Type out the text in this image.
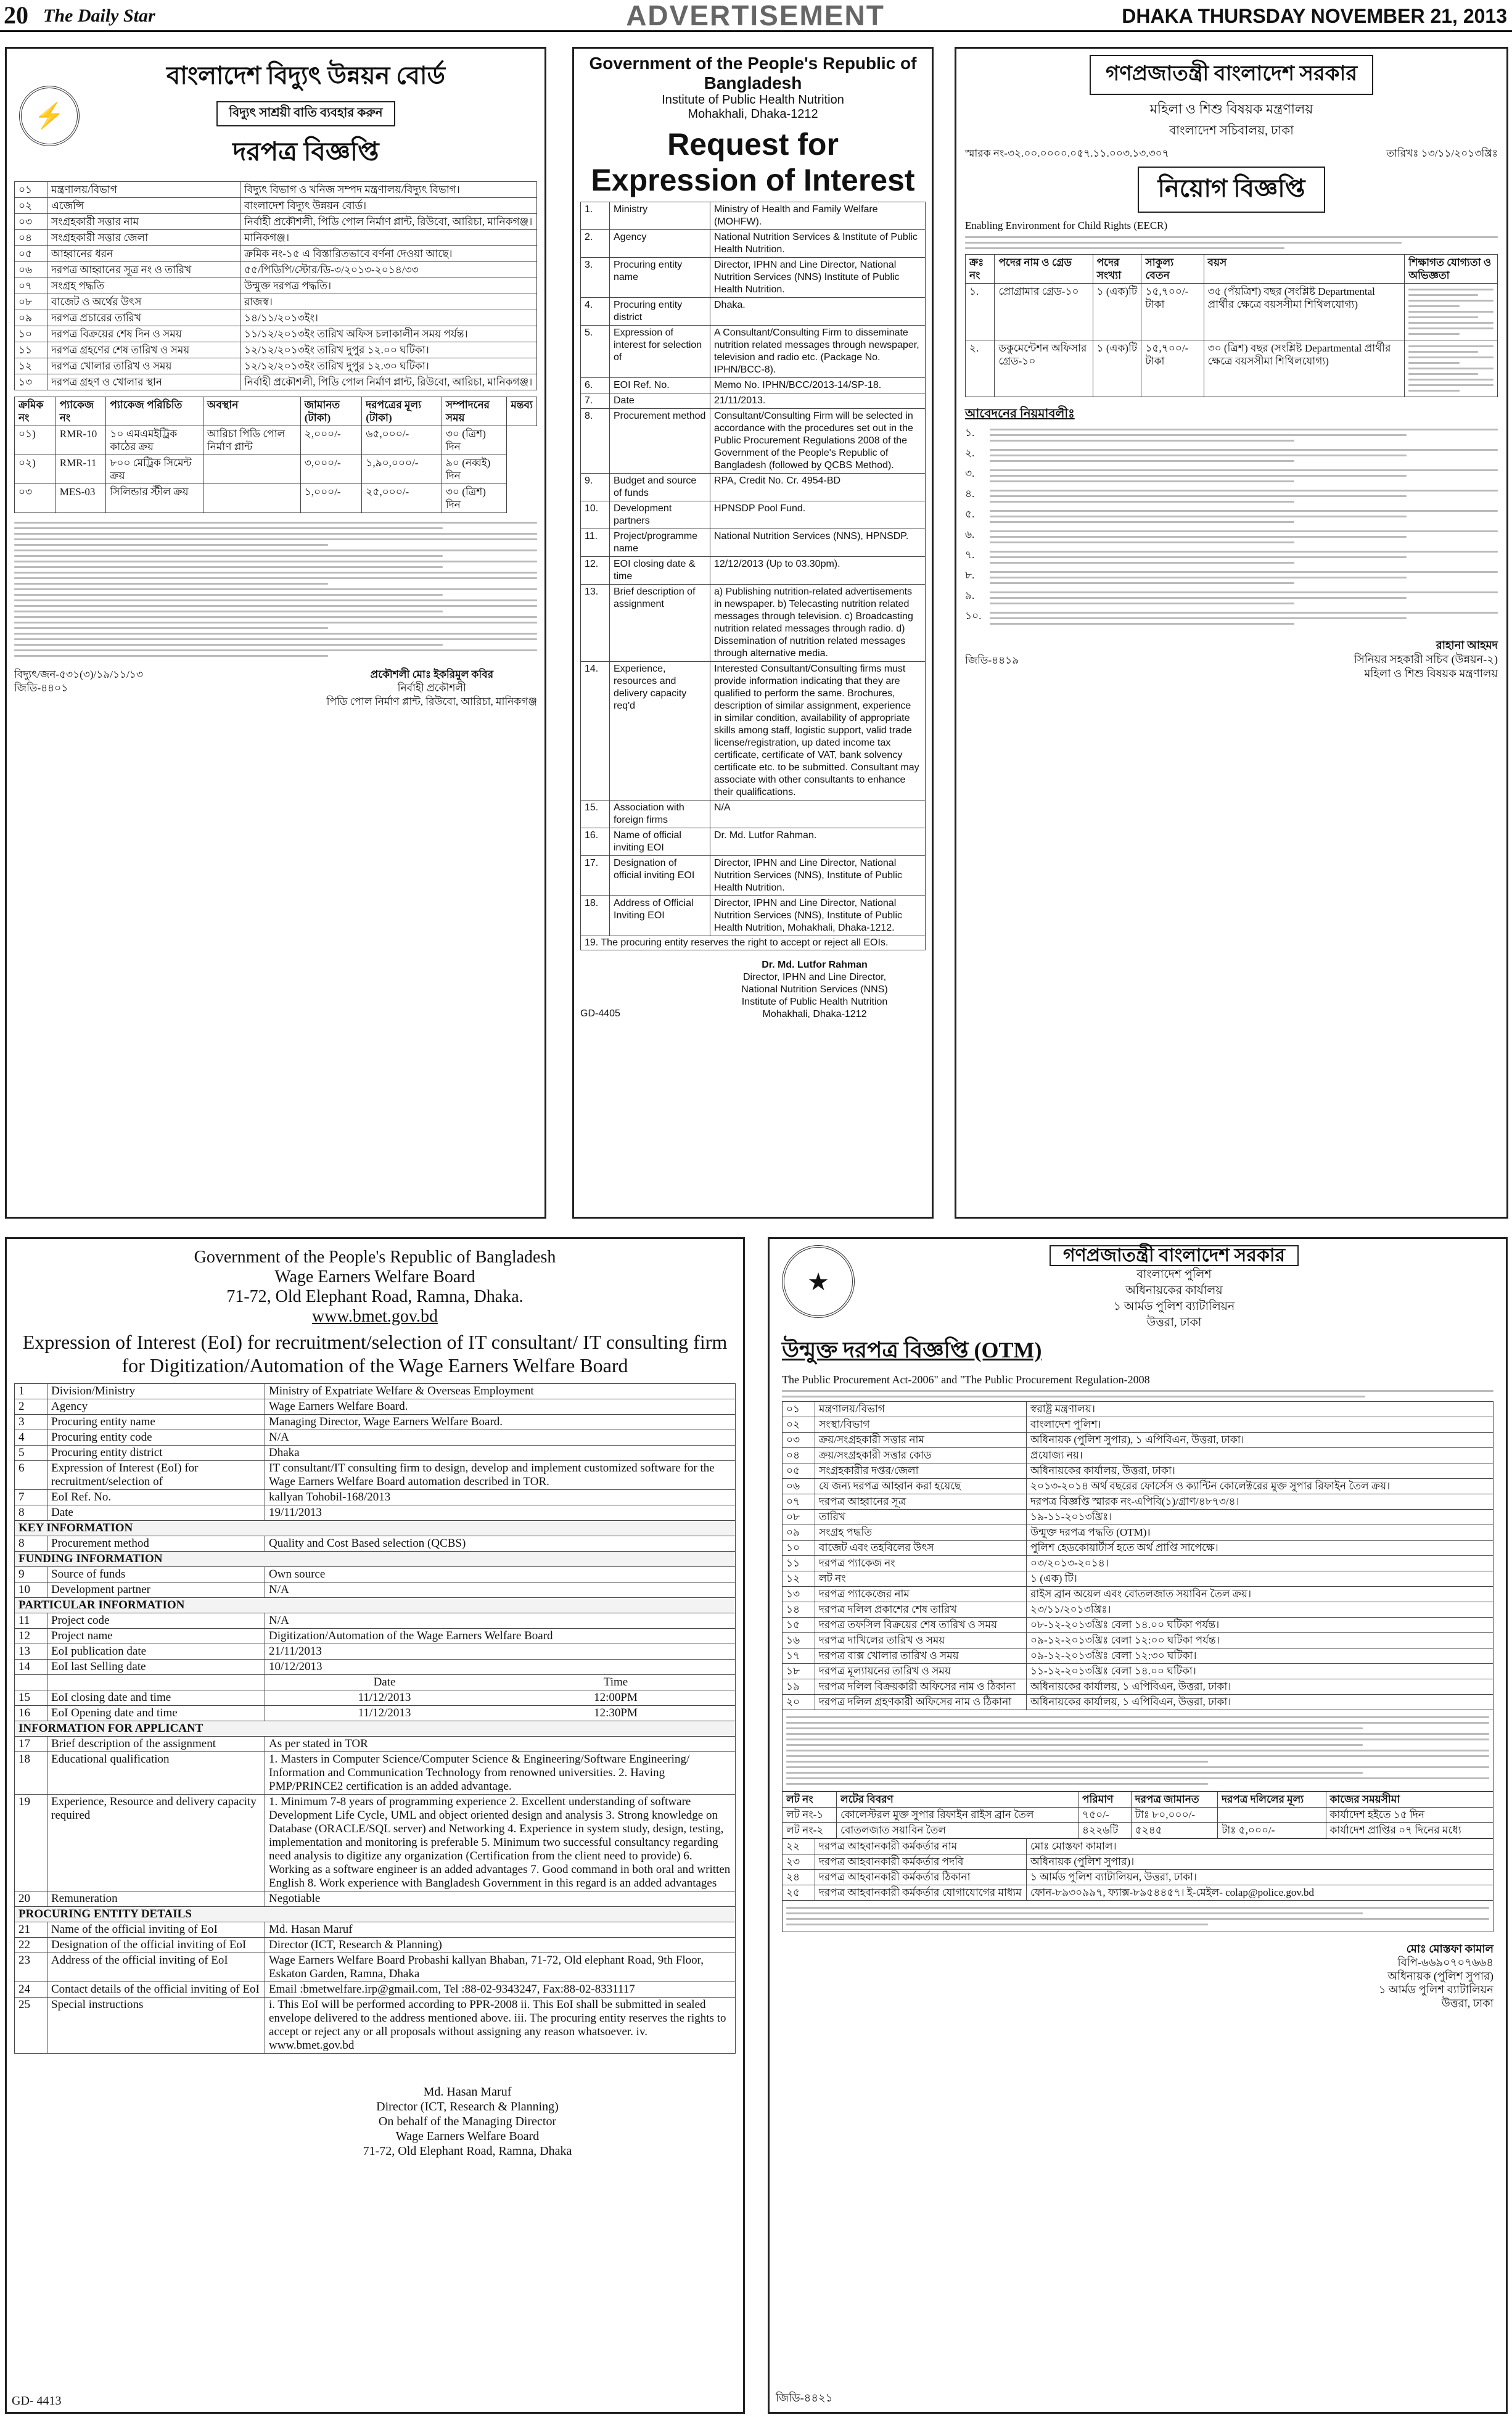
20 The Daily Star	ADVERTISEMENT	DHAKA THURSDAY NOVEMBER 21, 2013
⚡
বাংলাদেশ বিদ্যুৎ উন্নয়ন বোর্ড
বিদ্যুৎ সাশ্রয়ী বাতি ব্যবহার করুন
দরপত্র বিজ্ঞপ্তি
০১	মন্ত্রণালয়/বিভাগ	বিদ্যুৎ বিভাগ ও খনিজ সম্পদ মন্ত্রণালয়/বিদ্যুৎ বিভাগ।
০২	এজেন্সি	বাংলাদেশ বিদ্যুৎ উন্নয়ন বোর্ড।
০৩	সংগ্রহকারী সত্তার নাম	নির্বাহী প্রকৌশলী, পিডি পোল নির্মাণ প্লান্ট, রিউবো, আরিচা, মানিকগঞ্জ।
০৪	সংগ্রহকারী সত্তার জেলা	মানিকগঞ্জ।
০৫	আহ্বানের ধরন	ক্রমিক নং-১৫ এ বিস্তারিতভাবে বর্ণনা দেওয়া আছে।
০৬	দরপত্র আহ্বানের সূত্র নং ও তারিখ	৫৫/পিডিপি/স্টোর/ডি-৩/২০১৩-২০১৪/৩৩
০৭	সংগ্রহ পদ্ধতি	উন্মুক্ত দরপত্র পদ্ধতি।
০৮	বাজেট ও অর্থের উৎস	রাজস্ব।
০৯	দরপত্র প্রচারের তারিখ	১৪/১১/২০১৩ইং।
১০	দরপত্র বিক্রয়ের শেষ দিন ও সময়	১১/১২/২০১৩ইং তারিখ অফিস চলাকালীন সময় পর্যন্ত।
১১	দরপত্র গ্রহণের শেষ তারিখ ও সময়	১২/১২/২০১৩ইং তারিখ দুপুর ১২.০০ ঘটিকা।
১২	দরপত্র খোলার তারিখ ও সময়	১২/১২/২০১৩ইং তারিখ দুপুর ১২.৩০ ঘটিকা।
১৩	দরপত্র গ্রহণ ও খোলার স্থান	নির্বাহী প্রকৌশলী, পিডি পোল নির্মাণ প্লান্ট, রিউবো, আরিচা, মানিকগঞ্জ।
ক্রমিক নং	প্যাকেজ নং	প্যাকেজ পরিচিতি	অবস্থান	জামানত (টাকা)	দরপত্রের মূল্য (টাকা)	সম্পাদনের সময়	মন্তব্য
০১)	RMR-10	১০ এমএমইট্রিক কাঠের ক্রয়	আরিচা পিডি পোল নির্মাণ প্লান্ট	২,০০০/-	৬৫,০০০/-	৩০ (ত্রিশ) দিন	
০২)	RMR-11	৮০০ মেট্রিক সিমেন্ট ক্রয়		৩,০০০/-	১,৯০,০০০/-	৯০ (নব্বই) দিন	
০৩	MES-03	সিলিন্ডার স্টীল ক্রয়		১,০০০/-	২৫,০০০/-	৩০ (ত্রিশ) দিন	
বিদ্যুৎ/জন-৫৩১(৩)/১৯/১১/১৩
জিডি-৪৪০১
প্রকৌশলী মোঃ ইকরিমুল কবির
নির্বাহী প্রকৌশলী
পিডি পোল নির্মাণ প্লান্ট, রিউবো, আরিচা, মানিকগঞ্জ
Government of the People's Republic of Bangladesh
Institute of Public Health Nutrition
Mohakhali, Dhaka-1212
Request for Expression of Interest
1.	Ministry	Ministry of Health and Family Welfare (MOHFW).
2.	Agency	National Nutrition Services & Institute of Public Health Nutrition.
3.	Procuring entity name	Director, IPHN and Line Director, National Nutrition Services (NNS) Institute of Public Health Nutrition.
4.	Procuring entity district	Dhaka.
5.	Expression of interest for selection of	A Consultant/Consulting Firm to disseminate nutrition related messages through newspaper, television and radio etc. (Package No. IPHN/BCC-8).
6.	EOI Ref. No.	Memo No. IPHN/BCC/2013-14/SP-18.
7.	Date	21/11/2013.
8.	Procurement method	Consultant/Consulting Firm will be selected in accordance with the procedures set out in the Public Procurement Regulations 2008 of the Government of the People's Republic of Bangladesh (followed by QCBS Method).
9.	Budget and source of funds	RPA, Credit No. Cr. 4954-BD
10.	Development partners	HPNSDP Pool Fund.
11.	Project/programme name	National Nutrition Services (NNS), HPNSDP.
12.	EOI closing date & time	12/12/2013 (Up to 03.30pm).
13.	Brief description of assignment	a) Publishing nutrition-related advertisements in newspaper. b) Telecasting nutrition related messages through television. c) Broadcasting nutrition related messages through radio. d) Dissemination of nutrition related messages through alternative media.
14.	Experience, resources and delivery capacity req'd	Interested Consultant/Consulting firms must provide information indicating that they are qualified to perform the same. Brochures, description of similar assignment, experience in similar condition, availability of appropriate skills among staff, logistic support, valid trade license/registration, up dated income tax certificate, certificate of VAT, bank solvency certificate etc. to be submitted. Consultant may associate with other consultants to enhance their qualifications.
15.	Association with foreign firms	N/A
16.	Name of official inviting EOI	Dr. Md. Lutfor Rahman.
17.	Designation of official inviting EOI	Director, IPHN and Line Director, National Nutrition Services (NNS), Institute of Public Health Nutrition.
18.	Address of Official Inviting EOI	Director, IPHN and Line Director, National Nutrition Services (NNS), Institute of Public Health Nutrition, Mohakhali, Dhaka-1212.
19. The procuring entity reserves the right to accept or reject all EOIs.
Dr. Md. Lutfor Rahman
Director, IPHN and Line Director,
National Nutrition Services (NNS)
Institute of Public Health Nutrition
Mohakhali, Dhaka-1212
GD-4405
গণপ্রজাতন্ত্রী বাংলাদেশ সরকার
মহিলা ও শিশু বিষয়ক মন্ত্রণালয়
বাংলাদেশ সচিবালয়, ঢাকা
স্মারক নং-৩২.০০.০০০০.০৫৭.১১.০০৩.১৩.৩০৭	তারিখঃ ১৩/১১/২০১৩খ্রিঃ
নিয়োগ বিজ্ঞপ্তি
Enabling Environment for Child Rights (EECR)
ক্রঃ নং	পদের নাম ও গ্রেড	পদের সংখ্যা	সাকুল্য বেতন	বয়স	শিক্ষাগত যোগ্যতা ও অভিজ্ঞতা
১.	প্রোগ্রামার গ্রেড-১০	১ (এক)টি	১৫,৭০০/- টাকা	৩৫ (পঁয়ত্রিশ) বছর (সংশ্লিষ্ট Departmental প্রার্থীর ক্ষেত্রে বয়সসীমা শিথিলযোগ্য)	

২.	ডকুমেন্টেশন অফিসার গ্রেড-১০	১ (এক)টি	১৫,৭০০/- টাকা	৩০ (ত্রিশ) বছর (সংশ্লিষ্ট Departmental প্রার্থীর ক্ষেত্রে বয়সসীমা শিথিলযোগ্য)	
আবেদনের নিয়মাবলীঃ
১.
২.
৩.
৪.
৫.
৬.
৭.
৮.
৯.
১০.
রাহানা আহমদ
সিনিয়র সহকারী সচিব (উন্নয়ন-২)
মহিলা ও শিশু বিষয়ক মন্ত্রণালয়
জিডি-৪৪১৯
Government of the People's Republic of Bangladesh
Wage Earners Welfare Board
71-72, Old Elephant Road, Ramna, Dhaka.
www.bmet.gov.bd
Expression of Interest (EoI) for recruitment/selection of IT consultant/ IT consulting firm for Digitization/Automation of the Wage Earners Welfare Board
1	Division/Ministry	Ministry of Expatriate Welfare & Overseas Employment
2	Agency	Wage Earners Welfare Board.
3	Procuring entity name	Managing Director, Wage Earners Welfare Board.
4	Procuring entity code	N/A
5	Procuring entity district	Dhaka
6	Expression of Interest (EoI) for recruitment/selection of	IT consultant/IT consulting firm to design, develop and implement customized software for the Wage Earners Welfare Board automation described in TOR.
7	EoI Ref. No.	kallyan Tohobil-168/2013
8	Date	19/11/2013
KEY INFORMATION		
8	Procurement method	Quality and Cost Based selection (QCBS)
FUNDING INFORMATION		
9	Source of funds	Own source
10	Development partner	N/A
PARTICULAR INFORMATION		
11	Project code	N/A
12	Project name	Digitization/Automation of the Wage Earners Welfare Board
13	EoI publication date	21/11/2013
14	EoI last Selling date	10/12/2013

		Date Time

15	EoI closing date and time	11/12/2013 12:00PM

16	EoI Opening date and time	11/12/2013 12:30PM

INFORMATION FOR APPLICANT		
17	Brief description of the assignment	As per stated in TOR
18	Educational qualification	1. Masters in Computer Science/Computer Science & Engineering/Software Engineering/ Information and Communication Technology from renowned universities. 2. Having PMP/PRINCE2 certification is an added advantage.
19	Experience, Resource and delivery capacity required	1. Minimum 7-8 years of programming experience 2. Excellent understanding of software Development Life Cycle, UML and object oriented design and analysis 3. Strong knowledge on Database (ORACLE/SQL server) and Networking 4. Experience in system study, design, testing, implementation and monitoring is preferable 5. Minimum two successful consultancy regarding need analysis to digitize any organization (Certification from the client need to provide) 6. Working as a software engineer is an added advantages 7. Good command in both oral and written English 8. Work experience with Bangladesh Government in this regard is an added advantages
20	Remuneration	Negotiable
PROCURING ENTITY DETAILS		
21	Name of the official inviting of EoI	Md. Hasan Maruf
22	Designation of the official inviting of EoI	Director (ICT, Research & Planning)
23	Address of the official inviting of EoI	Wage Earners Welfare Board Probashi kallyan Bhaban, 71-72, Old elephant Road, 9th Floor, Eskaton Garden, Ramna, Dhaka
24	Contact details of the official inviting of EoI	Email :bmetwelfare.irp@gmail.com, Tel :88-02-9343247, Fax:88-02-8331117
25	Special instructions	i. This EoI will be performed according to PPR-2008 ii. This EoI shall be submitted in sealed envelope delivered to the address mentioned above. iii. The procuring entity reserves the rights to accept or reject any or all proposals without assigning any reason whatsoever. iv. www.bmet.gov.bd
Md. Hasan Maruf
Director (ICT, Research & Planning)
On behalf of the Managing Director
Wage Earners Welfare Board
71-72, Old Elephant Road, Ramna, Dhaka
GD- 4413
★
গণপ্রজাতন্ত্রী বাংলাদেশ সরকার
বাংলাদেশ পুলিশ
অধিনায়কের কার্যালয়
১ আর্মড পুলিশ ব্যাটালিয়ন
উত্তরা, ঢাকা
উন্মুক্ত দরপত্র বিজ্ঞপ্তি (OTM)
The Public Procurement Act-2006" and "The Public Procurement Regulation-2008
০১	মন্ত্রণালয়/বিভাগ	স্বরাষ্ট্র মন্ত্রণালয়।
০২	সংস্থা/বিভাগ	বাংলাদেশ পুলিশ।
০৩	ক্রয়/সংগ্রহকারী সত্তার নাম	অধিনায়ক (পুলিশ সুপার), ১ এপিবিএন, উত্তরা, ঢাকা।
০৪	ক্রয়/সংগ্রহকারী সত্তার কোড	প্রযোজ্য নয়।
০৫	সংগ্রহকারীর দপ্তর/জেলা	অধিনায়কের কার্যালয়, উত্তরা, ঢাকা।
০৬	যে জন্য দরপত্র আহ্বান করা হয়েছে	২০১৩-২০১৪ অর্থ বছরের ফোর্সেস ও ক্যান্টিন কোলেক্টরের মুক্ত সুপার রিফাইন তৈল ক্রয়।
০৭	দরপত্র আহ্বানের সূত্র	দরপত্র বিজ্ঞপ্তি স্মারক নং-এপিবি(১)/গ্রাণ/৪৮৭৩/৪।
০৮	তারিখ	১৯-১১-২০১৩খ্রিঃ।
০৯	সংগ্রহ পদ্ধতি	উন্মুক্ত দরপত্র পদ্ধতি (OTM)।
১০	বাজেট এবং তহবিলের উৎস	পুলিশ হেডকোয়ার্টার্স হতে অর্থ প্রাপ্তি সাপেক্ষে।
১১	দরপত্র প্যাকেজ নং	০৩/২০১৩-২০১৪।
১২	লট নং	১ (এক) টি।
১৩	দরপত্র প্যাকেজের নাম	রাইস ব্রান অয়েল এবং বোতলজাত সয়াবিন তৈল ক্রয়।
১৪	দরপত্র দলিল প্রকাশের শেষ তারিখ	২৩/১১/২০১৩খ্রিঃ।
১৫	দরপত্র তফসিল বিক্রয়ের শেষ তারিখ ও সময়	০৮-১২-২০১৩খ্রিঃ বেলা ১৪.০০ ঘটিকা পর্যন্ত।
১৬	দরপত্র দাখিলের তারিখ ও সময়	০৯-১২-২০১৩খ্রিঃ বেলা ১২:০০ ঘটিকা পর্যন্ত।
১৭	দরপত্র বাক্স খোলার তারিখ ও সময়	০৯-১২-২০১৩খ্রিঃ বেলা ১২:৩০ ঘটিকা।
১৮	দরপত্র মূল্যায়নের তারিখ ও সময়	১১-১২-২০১৩খ্রিঃ বেলা ১৪.০০ ঘটিকা।
১৯	দরপত্র দলিল বিক্রয়কারী অফিসের নাম ও ঠিকানা	অধিনায়কের কার্যালয়, ১ এপিবিএন, উত্তরা, ঢাকা।
২০	দরপত্র দলিল গ্রহণকারী অফিসের নাম ও ঠিকানা	অধিনায়কের কার্যালয়, ১ এপিবিএন, উত্তরা, ঢাকা।
লট নং	লটের বিবরণ	পরিমাণ	দরপত্র জামানত	দরপত্র দলিলের মূল্য	কাজের সময়সীমা
লট নং-১	কোলেস্টরল মুক্ত সুপার রিফাইন রাইস ব্রান তৈল	৭৫০/-	টাঃ ৮০,০০০/-		কার্যাদেশ হইতে ১৫ দিন
লট নং-২	বোতলজাত সয়াবিন তৈল	৪২২৬টি	৫২৪৫	টাঃ ৫,০০০/-	কার্যাদেশ প্রাপ্তির ০৭ দিনের মধ্যে
২২	দরপত্র আহবানকারী কর্মকর্তার নাম	মোঃ মোস্তফা কামাল।
২৩	দরপত্র আহবানকারী কর্মকর্তার পদবি	অধিনায়ক (পুলিশ সুপার)।
২৪	দরপত্র আহবানকারী কর্মকর্তার ঠিকানা	১ আর্মড পুলিশ ব্যাটালিয়ন, উত্তরা, ঢাকা।
২৫	দরপত্র আহবানকারী কর্মকর্তার যোগাযোগের মাধ্যম	ফোন-৮৯৩০৯৯৭, ফ্যাক্স-৮৯৫৪৪৫৭। ই-মেইল- colap@police.gov.bd
মোঃ মোস্তফা কামাল
বিপি-৬৬৯০৭০৭৬৬৪
অধিনায়ক (পুলিশ সুপার)
১ আর্মড পুলিশ ব্যাটালিয়ন
উত্তরা, ঢাকা
জিডি-৪৪২১
